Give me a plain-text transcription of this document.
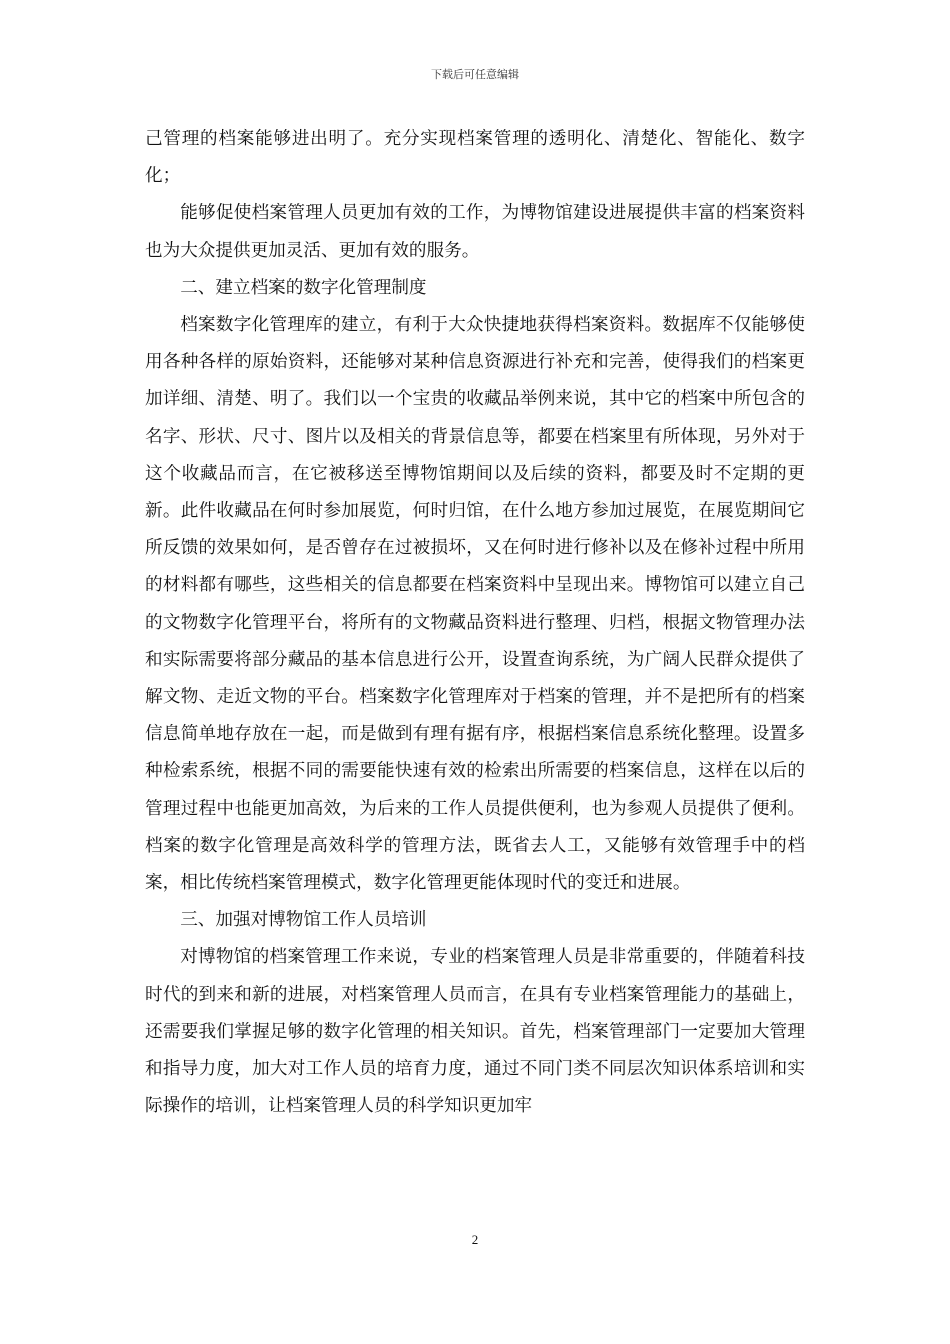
下载后可任意编辑

己管理的档案能够进出明了。充分实现档案管理的透明化、清楚化、智能化、数字化；

能够促使档案管理人员更加有效的工作，为博物馆建设进展提供丰富的档案资料也为大众提供更加灵活、更加有效的服务。

二、建立档案的数字化管理制度

档案数字化管理库的建立，有利于大众快捷地获得档案资料。数据库不仅能够使用各种各样的原始资料，还能够对某种信息资源进行补充和完善，使得我们的档案更加详细、清楚、明了。我们以一个宝贵的收藏品举例来说，其中它的档案中所包含的名字、形状、尺寸、图片以及相关的背景信息等，都要在档案里有所体现，另外对于这个收藏品而言，在它被移送至博物馆期间以及后续的资料，都要及时不定期的更新。此件收藏品在何时参加展览，何时归馆，在什么地方参加过展览，在展览期间它所反馈的效果如何，是否曾存在过被损坏，又在何时进行修补以及在修补过程中所用的材料都有哪些，这些相关的信息都要在档案资料中呈现出来。博物馆可以建立自己的文物数字化管理平台，将所有的文物藏品资料进行整理、归档，根据文物管理办法和实际需要将部分藏品的基本信息进行公开，设置查询系统，为广阔人民群众提供了解文物、走近文物的平台。档案数字化管理库对于档案的管理，并不是把所有的档案信息简单地存放在一起，而是做到有理有据有序，根据档案信息系统化整理。设置多种检索系统，根据不同的需要能快速有效的检索出所需要的档案信息，这样在以后的管理过程中也能更加高效，为后来的工作人员提供便利，也为参观人员提供了便利。档案的数字化管理是高效科学的管理方法，既省去人工，又能够有效管理手中的档案，相比传统档案管理模式，数字化管理更能体现时代的变迁和进展。

三、加强对博物馆工作人员培训

对博物馆的档案管理工作来说，专业的档案管理人员是非常重要的，伴随着科技时代的到来和新的进展，对档案管理人员而言，在具有专业档案管理能力的基础上，还需要我们掌握足够的数字化管理的相关知识。首先，档案管理部门一定要加大管理和指导力度，加大对工作人员的培育力度，通过不同门类不同层次知识体系培训和实际操作的培训，让档案管理人员的科学知识更加牢

2
